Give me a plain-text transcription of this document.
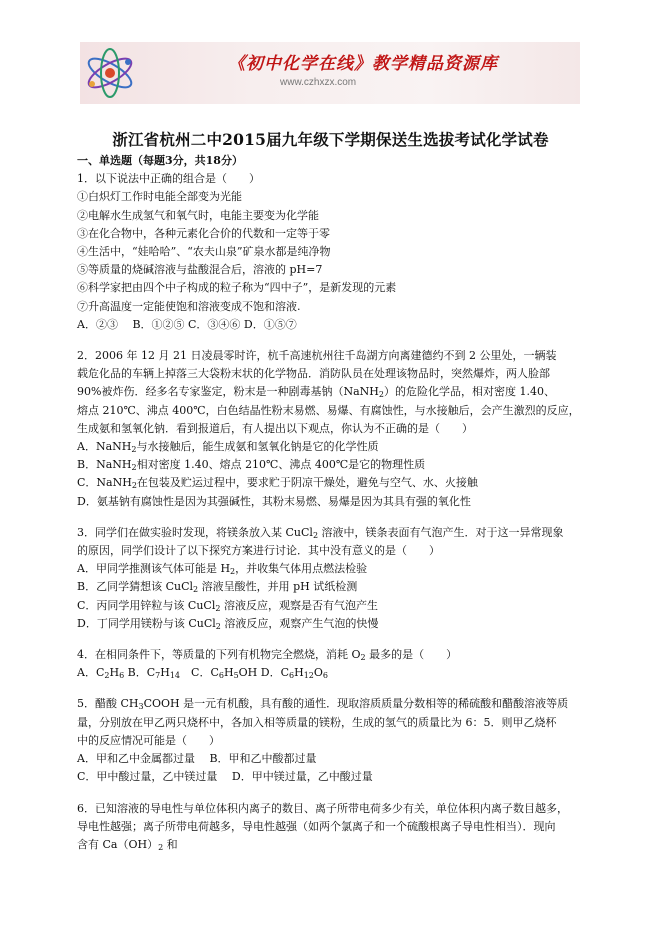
《初中化学在线》教学精品资源库
www.czhxzx.com
浙江省杭州二中2015届九年级下学期保送生选拔考试化学试卷
一、单选题（每题3分，共18分）
1．以下说法中正确的组合是（　　）
①白炽灯工作时电能全部变为光能
②电解水生成氢气和氧气时，电能主要变为化学能
③在化合物中，各种元素化合价的代数和一定等于零
④生活中，“娃哈哈”、“农夫山泉”矿泉水都是纯净物
⑤等质量的烧碱溶液与盐酸混合后，溶液的 pH=7
⑥科学家把由四个中子构成的粒子称为“四中子”，是新发现的元素
⑦升高温度一定能使饱和溶液变成不饱和溶液.
A．②③　 B．①②⑤ C．③④⑥ D．①⑤⑦
2．2006 年 12 月 21 日凌晨零时许，杭千高速杭州往千岛湖方向离建德约不到 2 公里处，一辆装
载危化品的车辆上掉落三大袋粉末状的化学物品．消防队员在处理该物品时，突然爆炸，两人脸部
90%被炸伤．经多名专家鉴定，粉末是一种剧毒基钠（NaNH$_2$）的危险化学品，相对密度 1.40、
熔点 210℃、沸点 400℃，白色结晶性粉末易燃、易爆、有腐蚀性，与水接触后，会产生激烈的反应，
生成氨和氢氧化钠．看到报道后，有人提出以下观点，你认为不正确的是（　　）
A．NaNH$_2$与水接触后，能生成氨和氢氧化钠是它的化学性质
B．NaNH$_2$相对密度 1.40、熔点 210℃、沸点 400℃是它的物理性质
C．NaNH$_2$在包装及贮运过程中，要求贮于阴凉干燥处，避免与空气、水、火接触
D．氨基钠有腐蚀性是因为其强碱性，其粉末易燃、易爆是因为其具有强的氧化性
3．同学们在做实验时发现，将镁条放入某 CuCl$_2$ 溶液中，镁条表面有气泡产生．对于这一异常现象
的原因，同学们设计了以下探究方案进行讨论．其中没有意义的是（　　）
A．甲同学推测该气体可能是 $H_2$，并收集气体用点燃法检验
B．乙同学猜想该 CuCl$_2$ 溶液呈酸性，并用 pH 试纸检测
C．丙同学用锌粒与该 CuCl$_2$ 溶液反应，观察是否有气泡产生
D．丁同学用镁粉与该 CuCl$_2$ 溶液反应，观察产生气泡的快慢
4．在相同条件下，等质量的下列有机物完全燃烧，消耗 $O_2$ 最多的是（　　）
A．$C_2H_6$ B．$C_7H_{14}$　C．$C_6H_5OH$ D．$C_6H_{12}O_6$
5．醋酸 $CH_3COOH$ 是一元有机酸，具有酸的通性．现取溶质质量分数相等的稀硫酸和醋酸溶液等质
量，分别放在甲乙两只烧杯中，各加入相等质量的镁粉，生成的氢气的质量比为 6：5．则甲乙烧杯
中的反应情况可能是（　　）
A．甲和乙中金属都过量　 B．甲和乙中酸都过量
C．甲中酸过量，乙中镁过量　 D．甲中镁过量，乙中酸过量
6．已知溶液的导电性与单位体积内离子的数目、离子所带电荷多少有关，单位体积内离子数目越多，
导电性越强；离子所带电荷越多，导电性越强（如两个氯离子和一个硫酸根离子导电性相当）．现向
含有 $Ca(OH)_2$ 和
